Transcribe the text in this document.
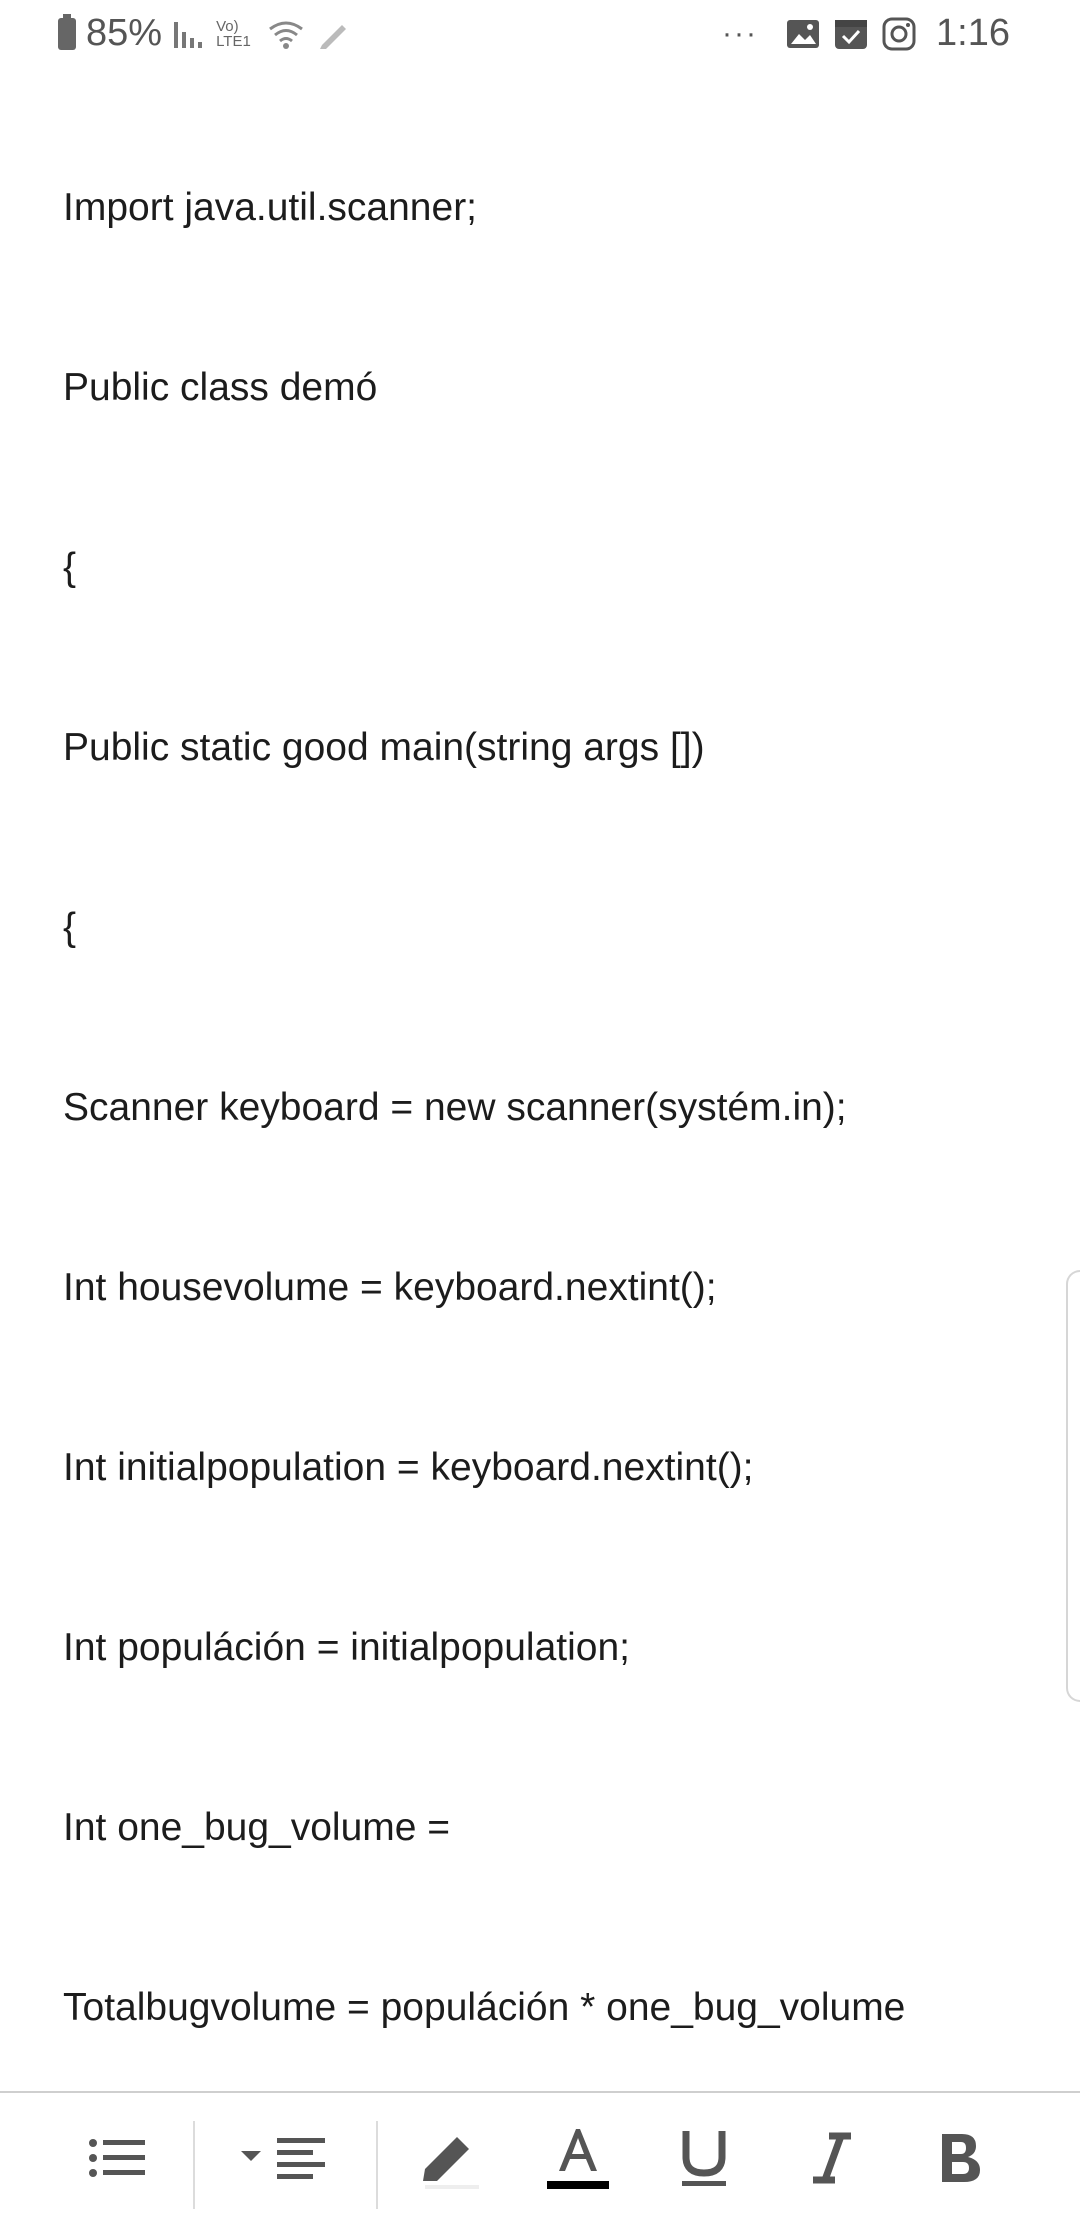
Import java.util.scanner;
Public class demó
{
Public static good main(string args [])
{
Scanner keyboard = new scanner(systém.in);
Int housevolume = keyboard.nextint();
Int initialpopulation = keyboard.nextint();
Int populáción = initialpopulation;
Int one_bug_volume =
Totalbugvolume = populáción * one_bug_volume
85%	Vo) LTE1	···	1:16
